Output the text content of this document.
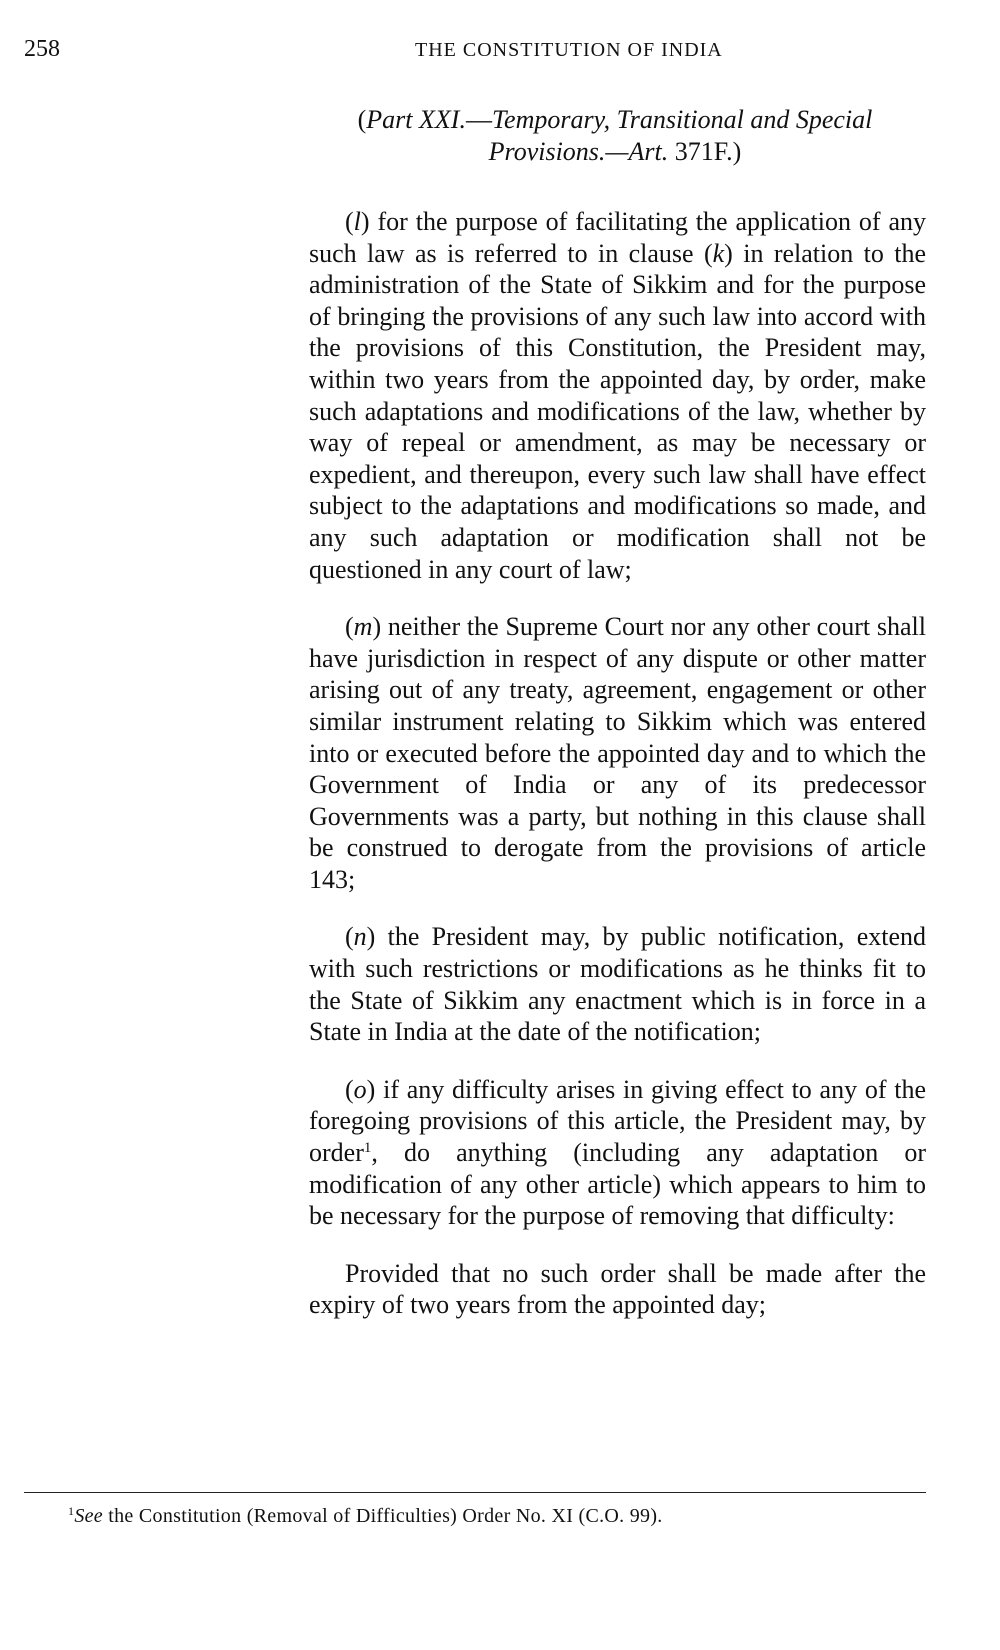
258	THE CONSTITUTION OF INDIA
(Part XXI.—Temporary, Transitional and Special Provisions.—Art. 371F.)

(l) for the purpose of facilitating the application of any such law as is referred to in clause (k) in relation to the administration of the State of Sikkim and for the purpose of bringing the provisions of any such law into accord with the provisions of this Constitution, the President may, within two years from the appointed day, by order, make such adaptations and modifications of the law, whether by way of repeal or amendment, as may be necessary or expedient, and thereupon, every such law shall have effect subject to the adaptations and modifications so made, and any such adaptation or modification shall not be questioned in any court of law;

(m) neither the Supreme Court nor any other court shall have jurisdiction in respect of any dispute or other matter arising out of any treaty, agreement, engagement or other similar instrument relating to Sikkim which was entered into or executed before the appointed day and to which the Government of India or any of its predecessor Governments was a party, but nothing in this clause shall be construed to derogate from the provisions of article 143;

(n) the President may, by public notification, extend with such restrictions or modifications as he thinks fit to the State of Sikkim any enactment which is in force in a State in India at the date of the notification;

(o) if any difficulty arises in giving effect to any of the foregoing provisions of this article, the President may, by order$^1$, do anything (including any adaptation or modification of any other article) which appears to him to be necessary for the purpose of removing that difficulty:

Provided that no such order shall be made after the expiry of two years from the appointed day;

$^1$See the Constitution (Removal of Difficulties) Order No. XI (C.O. 99).
